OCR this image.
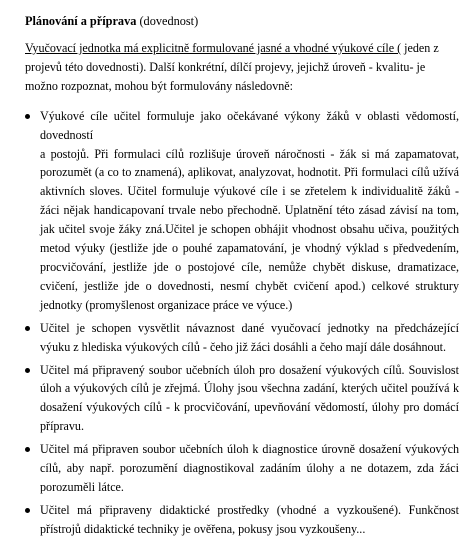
Plánování a příprava (dovednost)

Vyučovací jednotka má explicitně formulované jasné a vhodné výukové cíle ( jeden z projevů této dovednosti). Další konkrétní, dílčí projevy, jejichž úroveň - kvalitu- je možno rozpoznat, mohou být formulovány následovně:

Výukové cíle učitel formuluje jako očekávané výkony žáků v oblasti vědomostí, dovedností
a postojů. Při formulaci cílů rozlišuje úroveň náročnosti - žák si má zapamatovat, porozumět (a co to znamená), aplikovat, analyzovat, hodnotit. Při formulaci cílů užívá aktivních sloves. Učitel formuluje výukové cíle i se zřetelem k individualitě žáků - žáci nějak handicapovaní trvale nebo přechodně. Uplatnění této zásad závisí na tom, jak učitel svoje žáky zná.Učitel je schopen obhájit vhodnost obsahu učiva, použitých metod výuky (jestliže jde o pouhé zapamatování, je vhodný výklad s předvedením, procvičování, jestliže jde o postojové cíle, nemůže chybět diskuse, dramatizace, cvičení, jestliže jde o dovednosti, nesmí chybět cvičení apod.) celkové struktury jednotky (promyšlenost organizace práce ve výuce.)
Učitel je schopen vysvětlit návaznost dané vyučovací jednotky na předcházející výuku z hlediska výukových cílů - čeho již žáci dosáhli a čeho mají dále dosáhnout.
Učitel má připravený soubor učebních úloh pro dosažení výukových cílů. Souvislost úloh a výukových cílů je zřejmá. Úlohy jsou všechna zadání, kterých učitel používá k dosažení výukových cílů - k procvičování, upevňování vědomostí, úlohy pro domácí přípravu.
Učitel má připraven soubor učebních úloh k diagnostice úrovně dosažení výukových cílů, aby např. porozumění diagnostikoval zadáním úlohy a ne dotazem, zda žáci porozuměli látce.
Učitel má připraveny didaktické prostředky (vhodné a vyzkoušené). Funkčnost přístrojů didaktické techniky je ověřena, pokusy jsou vyzkoušeny...
